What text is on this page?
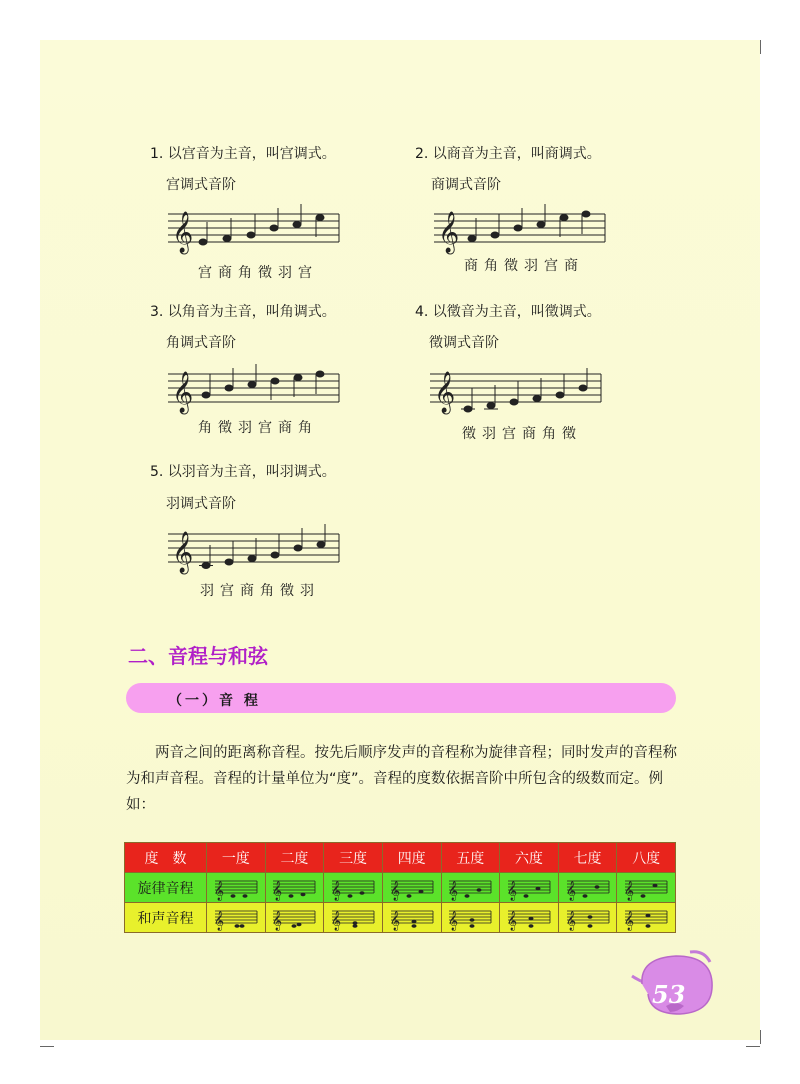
1. 以宫音为主音，叫宫调式。
宫调式音阶
𝄞
宫商角徵羽宫
2. 以商音为主音，叫商调式。
商调式音阶
𝄞
商角徵羽宫商
3. 以角音为主音，叫角调式。
角调式音阶
𝄞
角徵羽宫商角
4. 以徵音为主音，叫徵调式。
徵调式音阶
𝄞
徵羽宫商角徵
5. 以羽音为主音，叫羽调式。
羽调式音阶
𝄞
羽宫商角徵羽
二、音程与和弦
（一）音 程
两音之间的距离称音程。按先后顺序发声的音程称为旋律音程；同时发声的音程称为和声音程。音程的计量单位为“度”。音程的度数依据音阶中所包含的级数而定。例如：
度　数	一度	二度	三度	四度	五度	六度	七度	八度
旋律音程	𝄞	𝄞	𝄞	𝄞	𝄞	𝄞	𝄞	𝄞

和声音程	𝄞	𝄞	𝄞	𝄞	𝄞	𝄞	𝄞	𝄞
53
